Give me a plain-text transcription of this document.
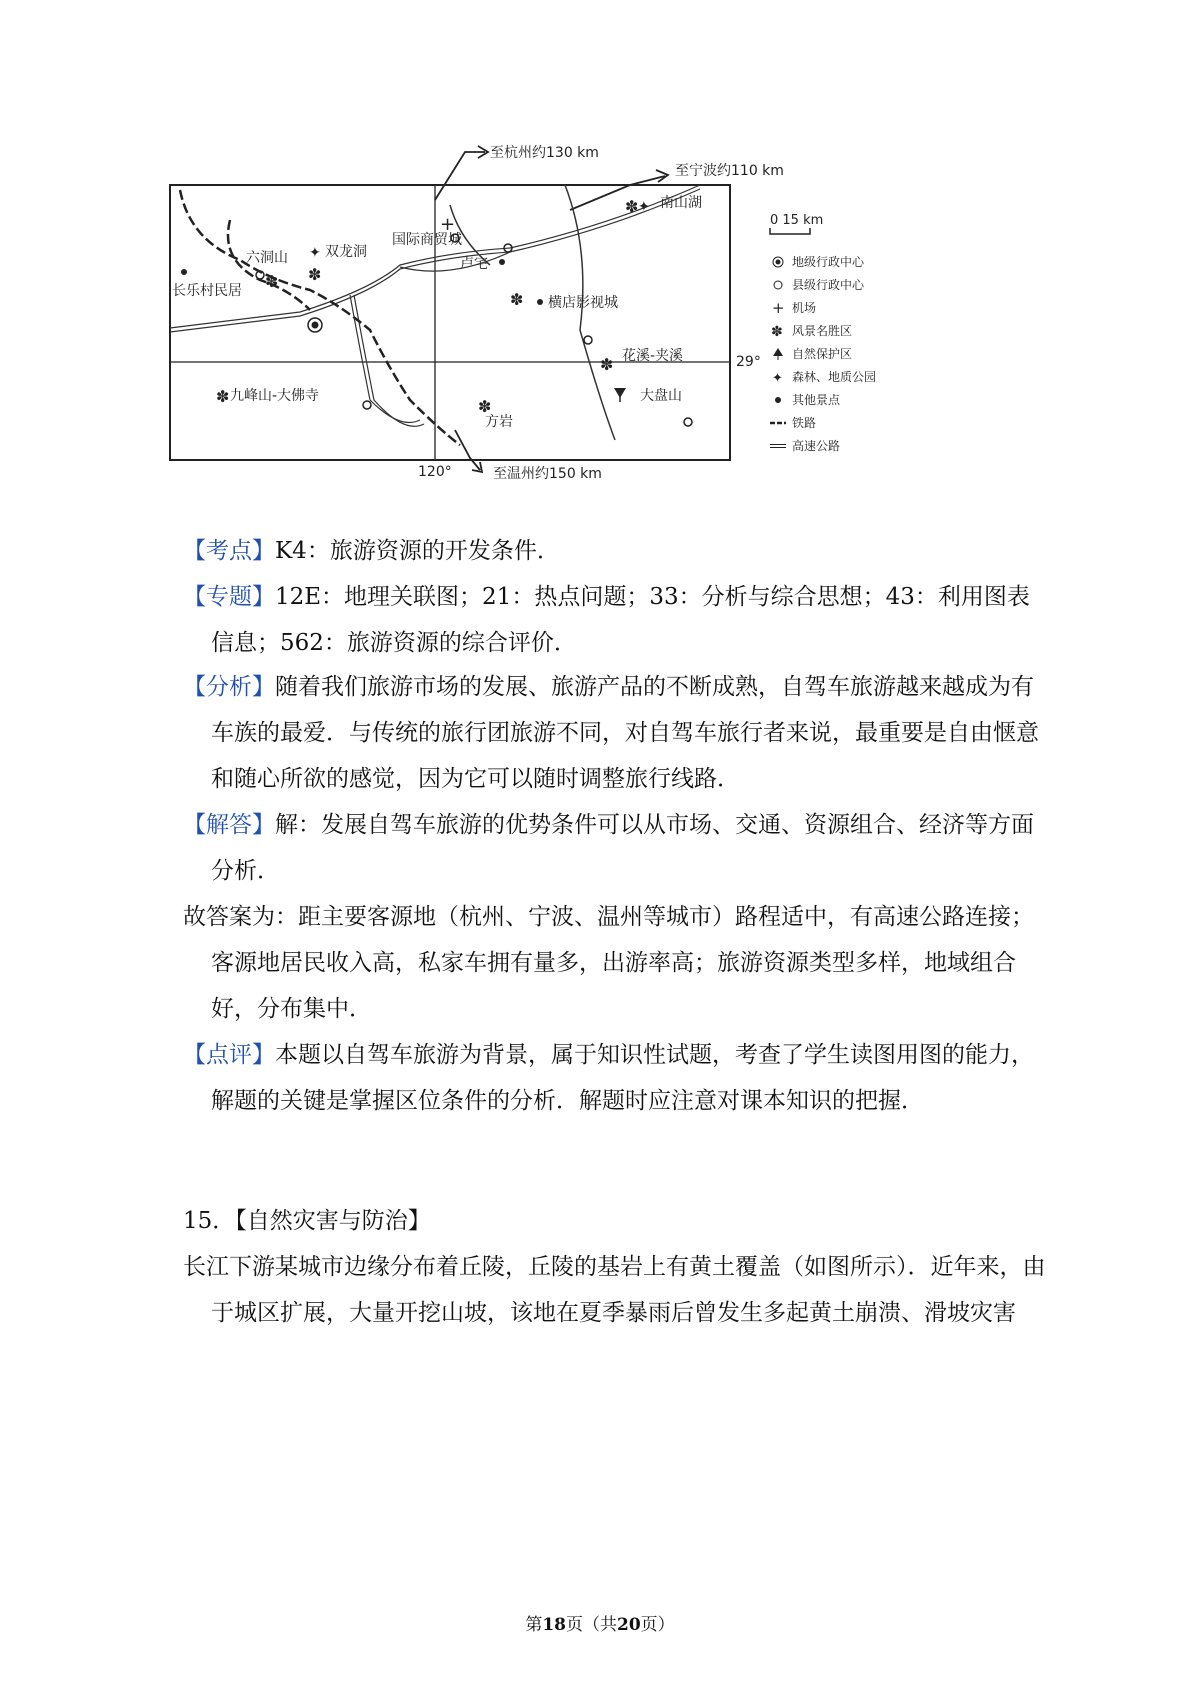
+
✽
✽ ✽
✽
✽
✽
✽
✦
✦
南山湖
国际商贸城
六洞山	双龙洞
长乐村民居
卢宅
横店影视城
花溪-夹溪
九峰山-大佛寺
方岩
大盘山
至杭州约130 km
至宁波约110 km
至温州约150 km
120°
29°
0 15 km
地级行政中心
县级行政中心
+ 机场
✽ 风景名胜区
自然保护区
✦ 森林、地质公园
其他景点
铁路
高速公路

【考点】K4：旅游资源的开发条件．

【专题】12E：地理关联图；21：热点问题；33：分析与综合思想；43：利用图表信息；562：旅游资源的综合评价．

【分析】随着我们旅游市场的发展、旅游产品的不断成熟，自驾车旅游越来越成为有车族的最爱．与传统的旅行团旅游不同，对自驾车旅行者来说，最重要是自由惬意和随心所欲的感觉，因为它可以随时调整旅行线路．

【解答】解：发展自驾车旅游的优势条件可以从市场、交通、资源组合、经济等方面分析．

故答案为：距主要客源地（杭州、宁波、温州等城市）路程适中，有高速公路连接；客源地居民收入高，私家车拥有量多，出游率高；旅游资源类型多样，地域组合好，分布集中．

【点评】本题以自驾车旅游为背景，属于知识性试题，考查了学生读图用图的能力，解题的关键是掌握区位条件的分析．解题时应注意对课本知识的把握．

15．【自然灾害与防治】

长江下游某城市边缘分布着丘陵，丘陵的基岩上有黄土覆盖（如图所示）．近年来，由于城区扩展，大量开挖山坡，该地在夏季暴雨后曾发生多起黄土崩溃、滑坡灾害

第18页（共20页）
